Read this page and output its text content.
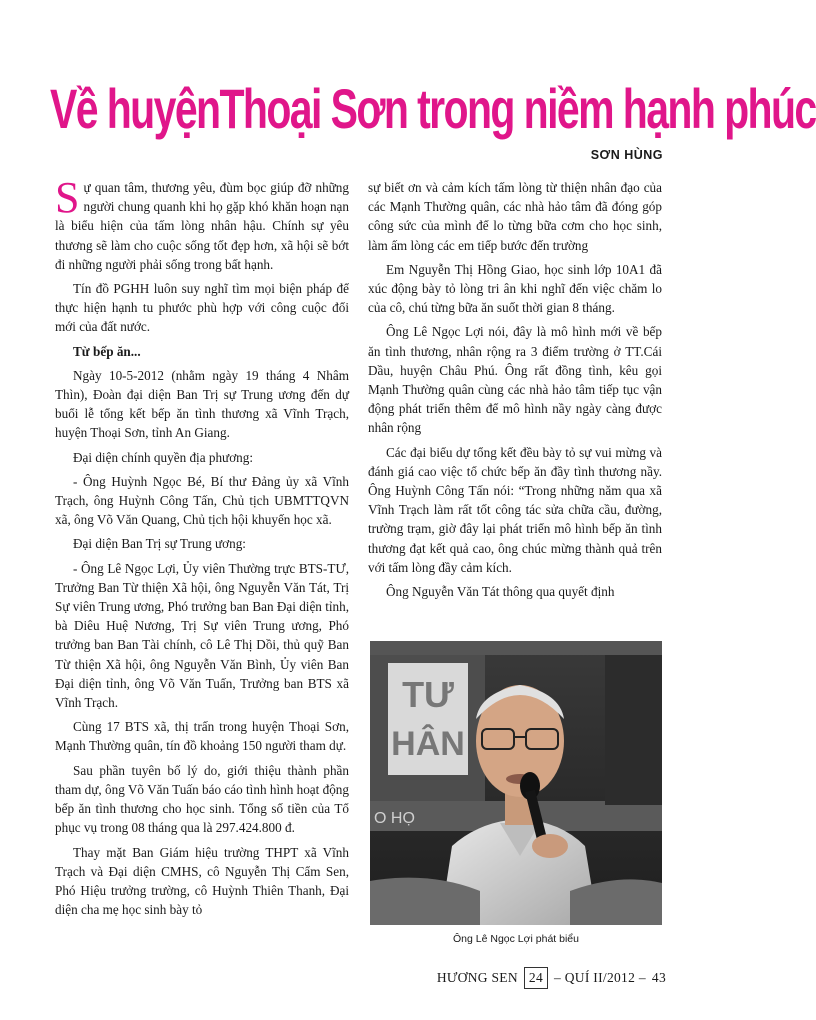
Về huyệnThoại Sơn trong niềm hạnh phúc
SƠN HÙNG

Sự quan tâm, thương yêu, đùm bọc giúp đỡ những người chung quanh khi họ gặp khó khăn hoạn nạn là biểu hiện của tấm lòng nhân hậu. Chính sự yêu thương sẽ làm cho cuộc sống tốt đẹp hơn, xã hội sẽ bớt đi những người phải sống trong bất hạnh.

Tín đồ PGHH luôn suy nghĩ tìm mọi biện pháp để thực hiện hạnh tu phước phù hợp với công cuộc đổi mới của đất nước.

Từ bếp ăn...

Ngày 10-5-2012 (nhằm ngày 19 tháng 4 Nhâm Thìn), Đoàn đại diện Ban Trị sự Trung ương đến dự buổi lễ tổng kết bếp ăn tình thương xã Vĩnh Trạch, huyện Thoại Sơn, tỉnh An Giang.

Đại diện chính quyền địa phương:

- Ông Huỳnh Ngọc Bé, Bí thư Đảng ủy xã Vĩnh Trạch, ông Huỳnh Công Tấn, Chủ tịch UBMTTQVN xã, ông Võ Văn Quang, Chủ tịch hội khuyến học xã.

Đại diện Ban Trị sự Trung ương:

- Ông Lê Ngọc Lợi, Ủy viên Thường trực BTS-TƯ, Trưởng Ban Từ thiện Xã hội, ông Nguyễn Văn Tát, Trị Sự viên Trung ương, Phó trưởng ban Ban Đại diện tỉnh, bà Diêu Huệ Nương, Trị Sự viên Trung ương, Phó trưởng ban Ban Tài chính, cô Lê Thị Dồi, thủ quỹ Ban Từ thiện Xã hội, ông Nguyễn Văn Bình, Ủy viên Ban Đại diện tỉnh, ông Võ Văn Tuấn, Trưởng ban BTS xã Vĩnh Trạch.

Cùng 17 BTS xã, thị trấn trong huyện Thoại Sơn, Mạnh Thường quân, tín đồ khoảng 150 người tham dự.

Sau phần tuyên bố lý do, giới thiệu thành phần tham dự, ông Võ Văn Tuấn báo cáo tình hình hoạt động bếp ăn tình thương cho học sinh. Tổng số tiền của Tổ phục vụ trong 08 tháng qua là 297.424.800 đ.

Thay mặt Ban Giám hiệu trường THPT xã Vĩnh Trạch và Đại diện CMHS, cô Nguyễn Thị Cẩm Sen, Phó Hiệu trưởng trường, cô Huỳnh Thiên Thanh, Đại diện cha mẹ học sinh bày tỏ

sự biết ơn và cảm kích tấm lòng từ thiện nhân đạo của các Mạnh Thường quân, các nhà hảo tâm đã đóng góp công sức của mình để lo từng bữa cơm cho học sinh, làm ấm lòng các em tiếp bước đến trường

Em Nguyễn Thị Hồng Giao, học sinh lớp 10A1 đã xúc động bày tỏ lòng tri ân khi nghĩ đến việc chăm lo của cô, chú từng bữa ăn suốt thời gian 8 tháng.

Ông Lê Ngọc Lợi nói, đây là mô hình mới về bếp ăn tình thương, nhân rộng ra 3 điểm trường ở TT.Cái Dầu, huyện Châu Phú. Ông rất đồng tình, kêu gọi Mạnh Thường quân cùng các nhà hảo tâm tiếp tục vận động phát triển thêm để mô hình nầy ngày càng được nhân rộng

Các đại biểu dự tổng kết đều bày tỏ sự vui mừng và đánh giá cao việc tổ chức bếp ăn đầy tình thương nầy. Ông Huỳnh Công Tấn nói: “Trong những năm qua xã Vĩnh Trạch làm rất tốt công tác sửa chữa cầu, đường, trường trạm, giờ đây lại phát triển mô hình bếp ăn tình thương đạt kết quả cao, ông chúc mừng thành quả trên với tấm lòng đầy cảm kích.

Ông Nguyễn Văn Tát thông qua quyết định

TƯ
HÂN
O HỌ
Ông Lê Ngọc Lợi phát biểu
HƯƠNG SEN 24 – QUÍ II/2012 – 43
